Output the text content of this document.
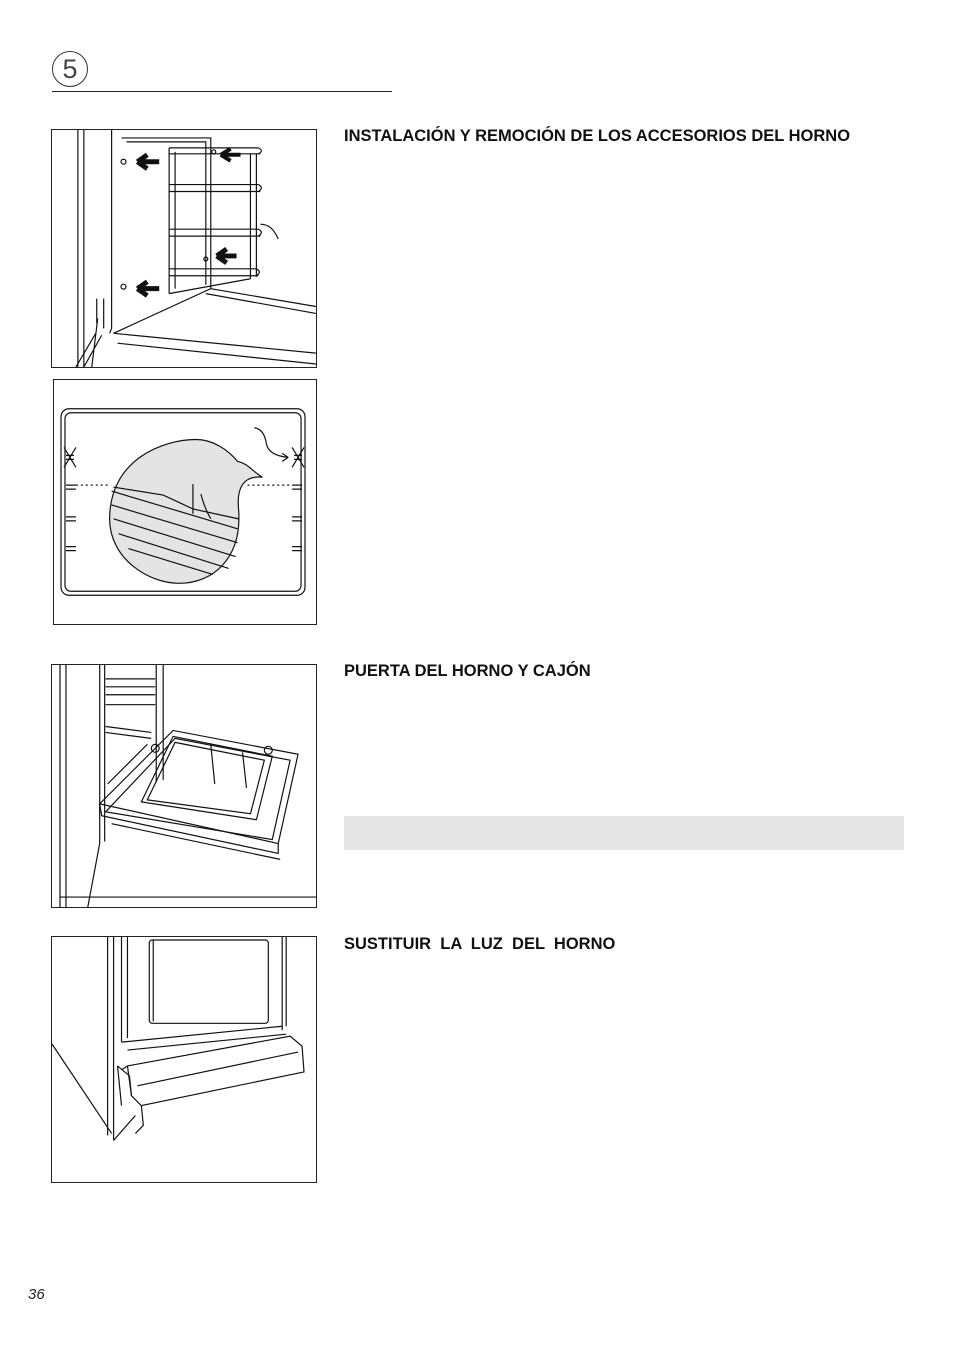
5
INSTALACIÓN Y REMOCIÓN DE LOS ACCESORIOS DEL HORNO
PUERTA DEL HORNO Y CAJÓN
SUSTITUIR  LA  LUZ  DEL  HORNO
36
